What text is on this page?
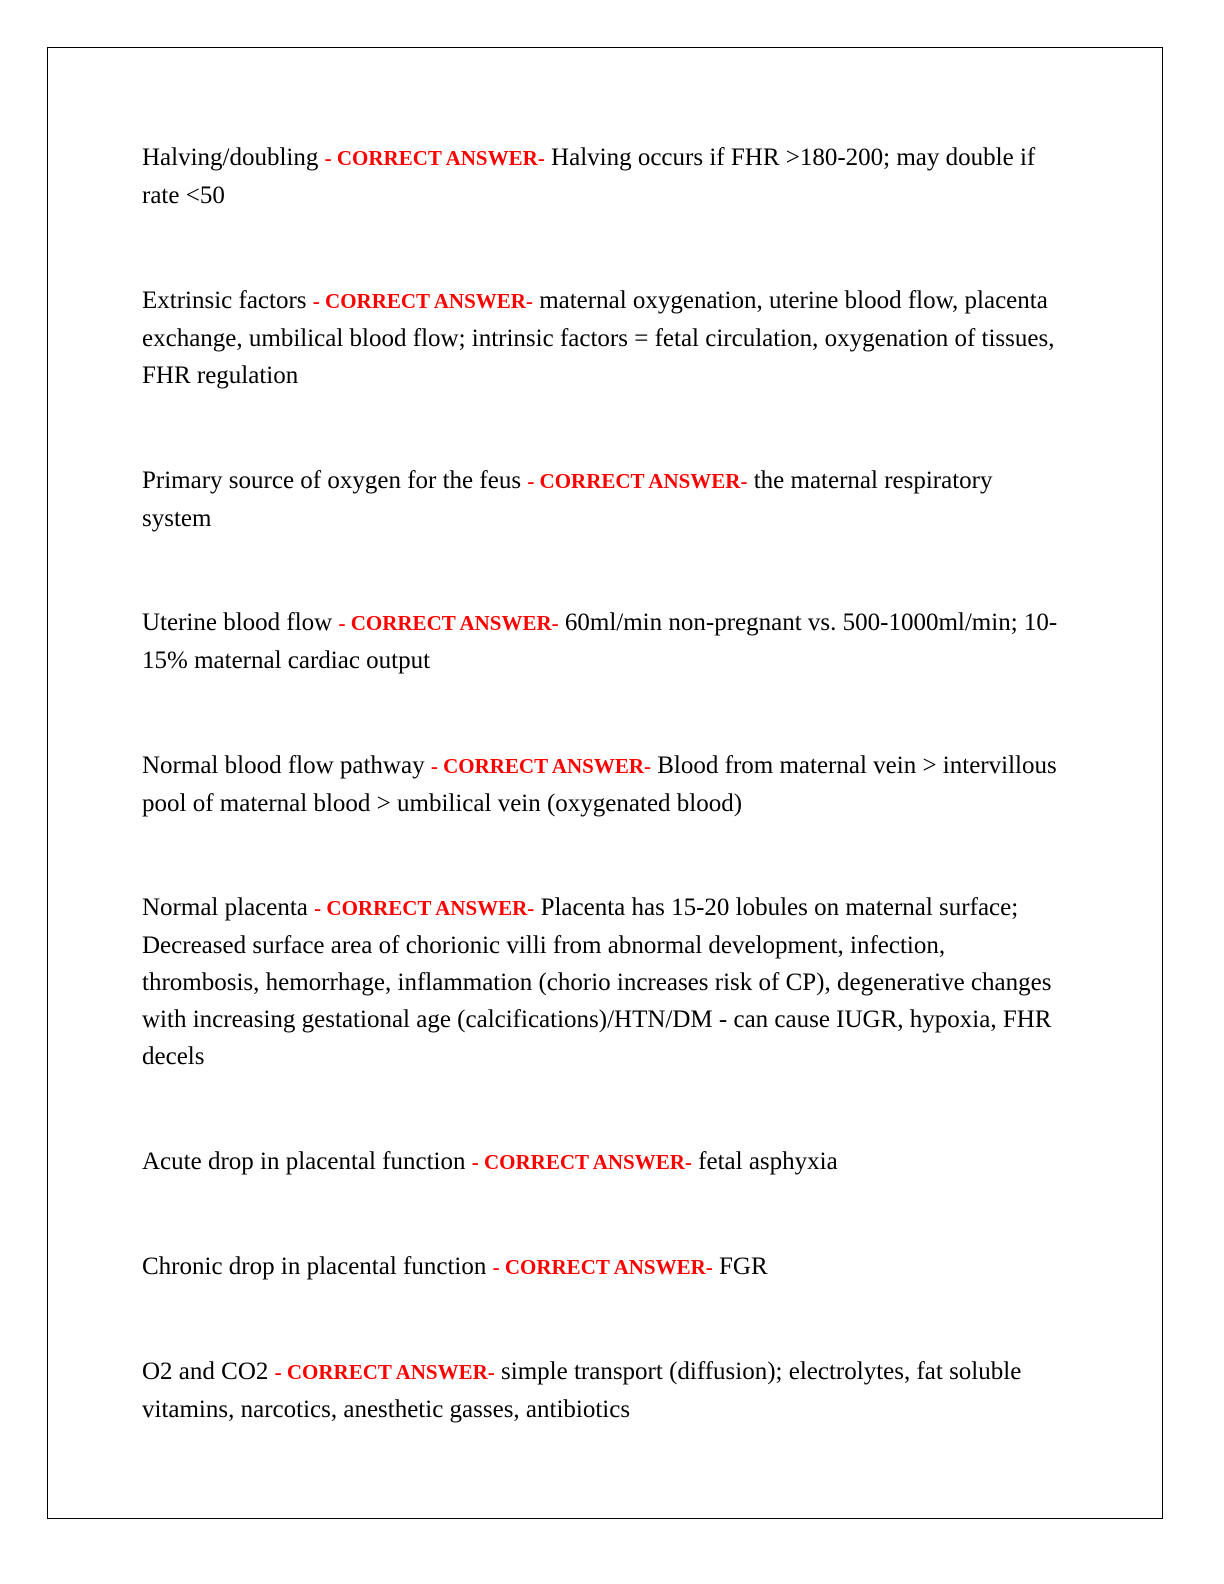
Halving/doubling - CORRECT ANSWER- Halving occurs if FHR >180-200; may double if rate <50

Extrinsic factors - CORRECT ANSWER- maternal oxygenation, uterine blood flow, placenta exchange, umbilical blood flow; intrinsic factors = fetal circulation, oxygenation of tissues, FHR regulation

Primary source of oxygen for the feus - CORRECT ANSWER- the maternal respiratory system

Uterine blood flow - CORRECT ANSWER- 60ml/min non-pregnant vs. 500-1000ml/min; 10-15% maternal cardiac output

Normal blood flow pathway - CORRECT ANSWER- Blood from maternal vein > intervillous pool of maternal blood > umbilical vein (oxygenated blood)

Normal placenta - CORRECT ANSWER- Placenta has 15-20 lobules on maternal surface; Decreased surface area of chorionic villi from abnormal development, infection, thrombosis, hemorrhage, inflammation (chorio increases risk of CP), degenerative changes with increasing gestational age (calcifications)/HTN/DM - can cause IUGR, hypoxia, FHR decels

Acute drop in placental function - CORRECT ANSWER- fetal asphyxia

Chronic drop in placental function - CORRECT ANSWER- FGR

O2 and CO2 - CORRECT ANSWER- simple transport (diffusion); electrolytes, fat soluble vitamins, narcotics, anesthetic gasses, antibiotics
